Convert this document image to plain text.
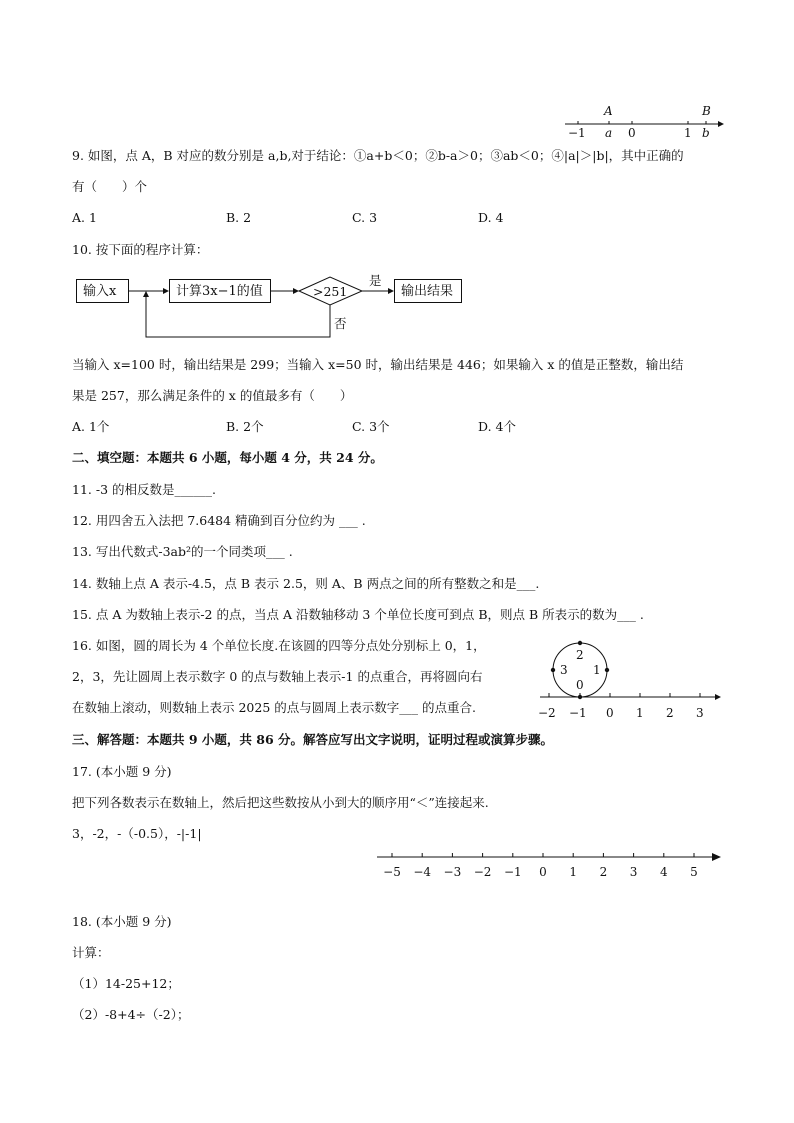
A	B
−1 a 0	1 b
9. 如图，点 A，B 对应的数分别是 a,b,对于结论：①a+b＜0；②b-a＞0；③ab＜0；④|a|＞|b|，其中正确的
有（　　）个
A. 1	B. 2	C. 3	D. 4
10. 按下面的程序计算：
输入x	计算3x−1的值	输出结果
>251
是
否
当输入 x=100 时，输出结果是 299；当输入 x=50 时，输出结果是 446；如果输入 x 的值是正整数，输出结
果是 257，那么满足条件的 x 的值最多有（　　）
A. 1个	B. 2个	C. 3个	D. 4个
二、填空题：本题共 6 小题，每小题 4 分，共 24 分。
11. -3 的相反数是______.
12. 用四舍五入法把 7.6484 精确到百分位约为 ___ .
13. 写出代数式-3ab²的一个同类项___ .
14. 数轴上点 A 表示-4.5，点 B 表示 2.5，则 A、B 两点之间的所有整数之和是___.
15. 点 A 为数轴上表示-2 的点，当点 A 沿数轴移动 3 个单位长度可到点 B，则点 B 所表示的数为___ .
16. 如图，圆的周长为 4 个单位长度.在该圆的四等分点处分别标上 0，1，
2，3，先让圆周上表示数字 0 的点与数轴上表示-1 的点重合，再将圆向右
在数轴上滚动，则数轴上表示 2025 的点与圆周上表示数字___ 的点重合.
2
1
0
3
−2 −1 0 1 2 3
三、解答题：本题共 9 小题，共 86 分。解答应写出文字说明，证明过程或演算步骤。
17. (本小题 9 分)
把下列各数表示在数轴上，然后把这些数按从小到大的顺序用“＜”连接起来.
3，-2，-（-0.5），-|-1|
−5 −4 −3 −2 −1 0 1 2 3 4 5
18. (本小题 9 分)
计算：
（1）14-25+12；
（2）-8+4÷（-2）；
